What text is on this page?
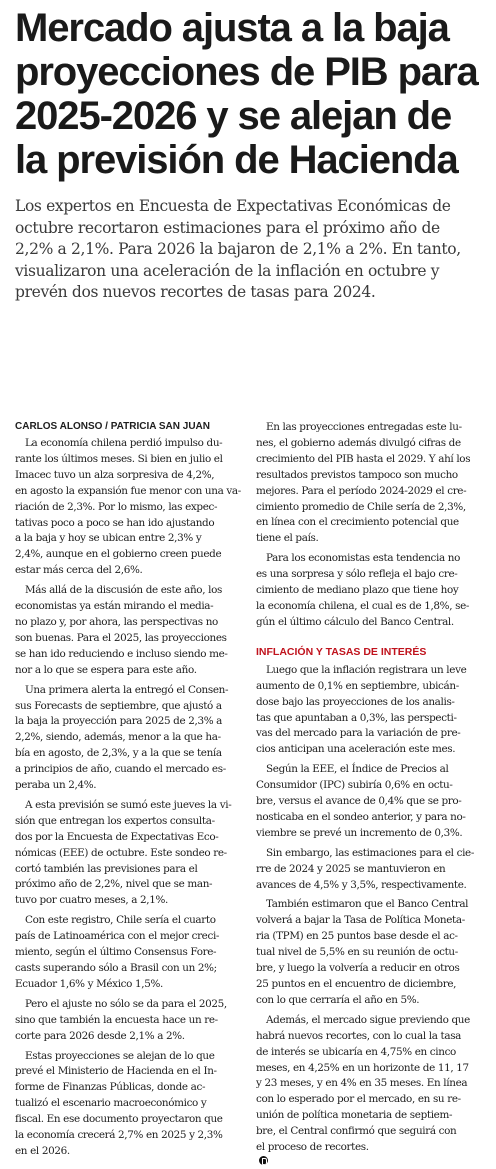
Mercado ajusta a la baja
proyecciones de PIB para
2025-2026 y se alejan de
la previsión de Hacienda

Los expertos en Encuesta de Expectativas Económicas de
octubre recortaron estimaciones para el próximo año de
2,2% a 2,1%. Para 2026 la bajaron de 2,1% a 2%. En tanto,
visualizaron una aceleración de la inflación en octubre y
prevén dos nuevos recortes de tasas para 2024.

CARLOS ALONSO / PATRICIA SAN JUAN
La economía chilena perdió impulso du-
rante los últimos meses. Si bien en julio el
Imacec tuvo un alza sorpresiva de 4,2%,
en agosto la expansión fue menor con una va-
riación de 2,3%. Por lo mismo, las expec-
tativas poco a poco se han ido ajustando
a la baja y hoy se ubican entre 2,3% y
2,4%, aunque en el gobierno creen puede
estar más cerca del 2,6%.
Más allá de la discusión de este año, los
economistas ya están mirando el media-
no plazo y, por ahora, las perspectivas no
son buenas. Para el 2025, las proyecciones
se han ido reduciendo e incluso siendo me-
nor a lo que se espera para este año.
Una primera alerta la entregó el Consen-
sus Forecasts de septiembre, que ajustó a
la baja la proyección para 2025 de 2,3% a
2,2%, siendo, además, menor a la que ha-
bía en agosto, de 2,3%, y a la que se tenía
a principios de año, cuando el mercado es-
peraba un 2,4%.
A esta previsión se sumó este jueves la vi-
sión que entregan los expertos consulta-
dos por la Encuesta de Expectativas Eco-
nómicas (EEE) de octubre. Este sondeo re-
cortó también las previsiones para el
próximo año de 2,2%, nivel que se man-
tuvo por cuatro meses, a 2,1%.
Con este registro, Chile sería el cuarto
país de Latinoamérica con el mejor creci-
miento, según el último Consensus Fore-
casts superando sólo a Brasil con un 2%;
Ecuador 1,6% y México 1,5%.
Pero el ajuste no sólo se da para el 2025,
sino que también la encuesta hace un re-
corte para 2026 desde 2,1% a 2%.
Estas proyecciones se alejan de lo que
prevé el Ministerio de Hacienda en el In-
forme de Finanzas Públicas, donde ac-
tualizó el escenario macroeconómico y
fiscal. En ese documento proyectaron que
la economía crecerá 2,7% en 2025 y 2,3%
en el 2026.
En las proyecciones entregadas este lu-
nes, el gobierno además divulgó cifras de
crecimiento del PIB hasta el 2029. Y ahí los
resultados previstos tampoco son mucho
mejores. Para el período 2024-2029 el cre-
cimiento promedio de Chile sería de 2,3%,
en línea con el crecimiento potencial que
tiene el país.
Para los economistas esta tendencia no
es una sorpresa y sólo refleja el bajo cre-
cimiento de mediano plazo que tiene hoy
la economía chilena, el cual es de 1,8%, se-
gún el último cálculo del Banco Central.
INFLACIÓN Y TASAS DE INTERÉS
Luego que la inflación registrara un leve
aumento de 0,1% en septiembre, ubicán-
dose bajo las proyecciones de los analis-
tas que apuntaban a 0,3%, las perspecti-
vas del mercado para la variación de pre-
cios anticipan una aceleración este mes.
Según la EEE, el Índice de Precios al
Consumidor (IPC) subiría 0,6% en octu-
bre, versus el avance de 0,4% que se pro-
nosticaba en el sondeo anterior, y para no-
viembre se prevé un incremento de 0,3%.
Sin embargo, las estimaciones para el cie-
rre de 2024 y 2025 se mantuvieron en
avances de 4,5% y 3,5%, respectivamente.
También estimaron que el Banco Central
volverá a bajar la Tasa de Política Moneta-
ria (TPM) en 25 puntos base desde el ac-
tual nivel de 5,5% en su reunión de octu-
bre, y luego la volvería a reducir en otros
25 puntos en el encuentro de diciembre,
con lo que cerraría el año en 5%.
Además, el mercado sigue previendo que
habrá nuevos recortes, con lo cual la tasa
de interés se ubicaría en 4,75% en cinco
meses, en 4,25% en un horizonte de 11, 17
y 23 meses, y en 4% en 35 meses. En línea
con lo esperado por el mercado, en su re-
unión de política monetaria de septiem-
bre, el Central confirmó que seguirá con
el proceso de recortes.
